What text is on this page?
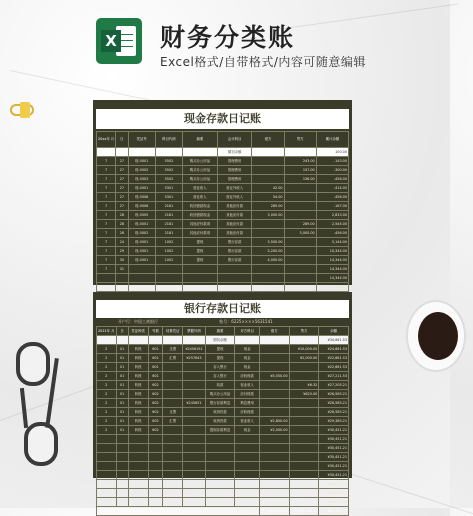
X 财务分类账
Excel格式/自带格式/内容可随意编辑
现金存款日记账
20xx年 月	日	凭证号	科目代码	摘要	会计科目	借方	贷方	累计余额
					期初余额			100.00
7	27	现-0001	5502	购买办公用品	管理费用		243.00	-143.00
7	27	现-0002	5502	购买办公用品	管理费用		157.00	-300.00
7	27	现-0003	5502	购买办公用品	管理费用		156.00	-456.00
7	27	现-0001	5301	营业收入	营业外收入	42.00		-414.00
7	27	现-0008	5301	营业收入	营业外收入	54.00		-456.00
7	27	现-0006	2181	收回借款现金	其他应付款	289.00		-167.00
7	28	现-0005	2181	收回借款现金	其他应付款	3,000.00		2,833.00
7	28	现-0001	2181	其他应付款项	其他应付款		289.00	2,544.00
7	28	现-0002	2181	其他应付款项	其他应付款		5,000.00	-456.00
7	24	现-0001	1002	提现	银行存款	5,500.00		5,144.00
7	29	现-0001	1002	提现	银行存款	5,200.00		10,344.00
7	30	现-0001	1002	提现	银行存款	4,000.00		14,344.00
7	31							14,344.00
								14,344.00
								14,344.00

银行存款日记账
开户行：中国工商银行	账号：6225××××5631541
2021年 月	日	凭证种类	号数	结算凭证	票据号码	摘要	对方科目	借方	贷方	余额
						期初余额				¥34,661.53
2	01	转账	601	支票	¥2456191	提现	现金		¥10,000.00	¥24,661.53
2	01	转账	601	汇票	¥257643	提现	现金		¥2,000.00	¥22,661.53
2	01	转账	601			存入银行	现金			¥22,661.53
2	01	转账	601			存入银行	应收账款	¥4,550.00		¥27,211.53
2	01	转账	602			收款	营业收入		¥6.32	¥27,205.21
2	01	转账	602			购买办公用品	应付账款		¥620.00	¥26,585.21
2	01	转账	602		¥245651	银行存款利息	利息费用			¥26,585.21
2	01	转账	602	支票		收到货款	应收账款			¥26,585.21
2	01	转账	602	汇票		收到货款	营业收入	¥2,800.00		¥29,385.21
2	01	转账	602			提现存款利息	现金	¥2,000.00		¥30,451.21
										¥30,451.21
										¥30,451.21
										¥30,451.21
										¥30,451.21
										¥30,451.21
										¥30,451.21
										¥30,451.21
										¥30,451.21
汇总								¥24,950.00	¥29,164.32	¥30,451.21
